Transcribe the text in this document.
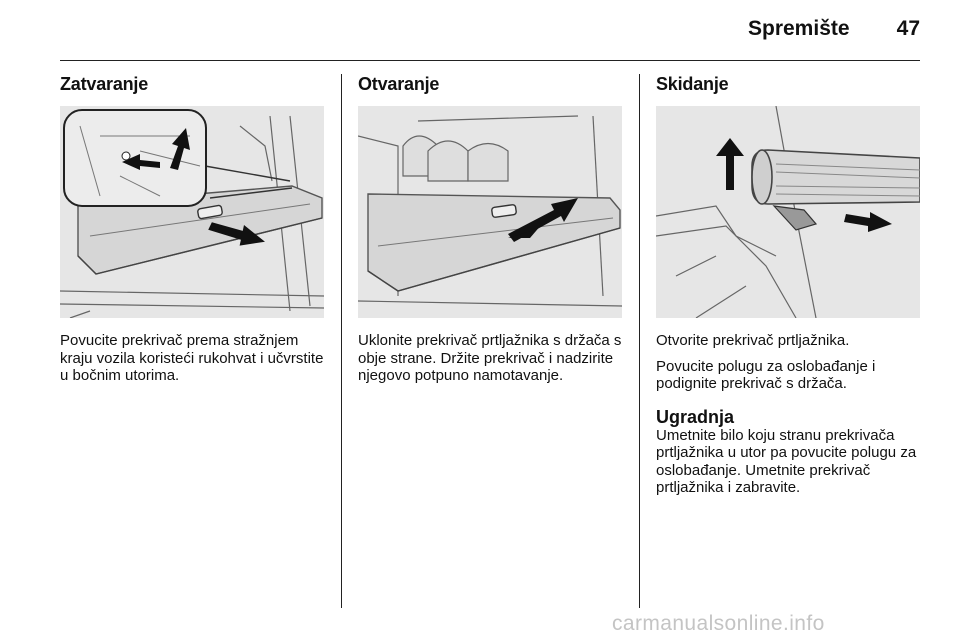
Spremište	47
Zatvaranje

Povucite prekrivač prema stražnjem kraju vozila koristeći rukohvat i učvrstite u bočnim utorima.

Otvaranje

Uklonite prekrivač prtljažnika s držača s obje strane. Držite prekrivač i nadzirite njegovo potpuno namotavanje.

Skidanje

Otvorite prekrivač prtljažnika.

Povucite polugu za oslobađanje i podignite prekrivač s držača.

Ugradnja

Umetnite bilo koju stranu prekrivača prtljažnika u utor pa povucite polugu za oslobađanje. Umetnite prekrivač prtljažnika i zabravite.

carmanualsonline.info
